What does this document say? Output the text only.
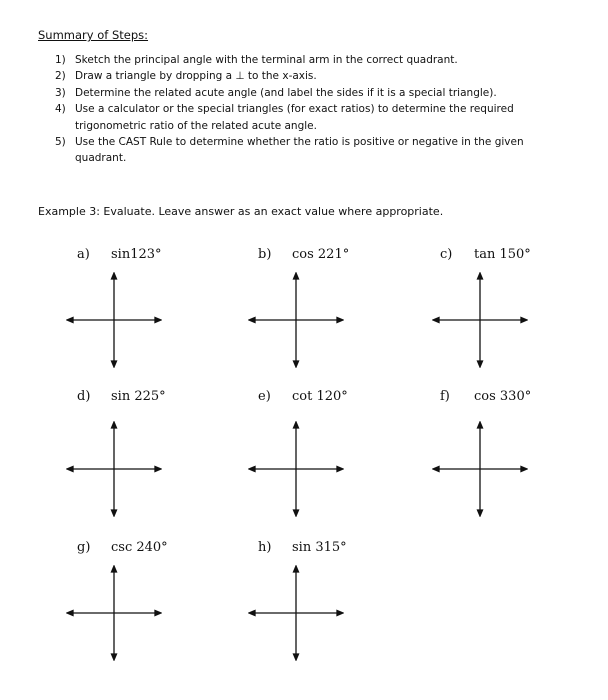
Summary of Steps:
1) Sketch the principal angle with the terminal arm in the correct quadrant.
2) Draw a triangle by dropping a ⊥ to the x-axis.
3) Determine the related acute angle (and label the sides if it is a special triangle).
4) Use a calculator or the special triangles (for exact ratios) to determine the required trigonometric ratio of the related acute angle.
5) Use the CAST Rule to determine whether the ratio is positive or negative in the given quadrant.
Example 3: Evaluate. Leave answer as an exact value where appropriate.
a) sin123°	b) cos 221°	c) tan 150°
d) sin 225°	e) cot 120°	f) cos 330°
g) csc 240°	h) sin 315°
